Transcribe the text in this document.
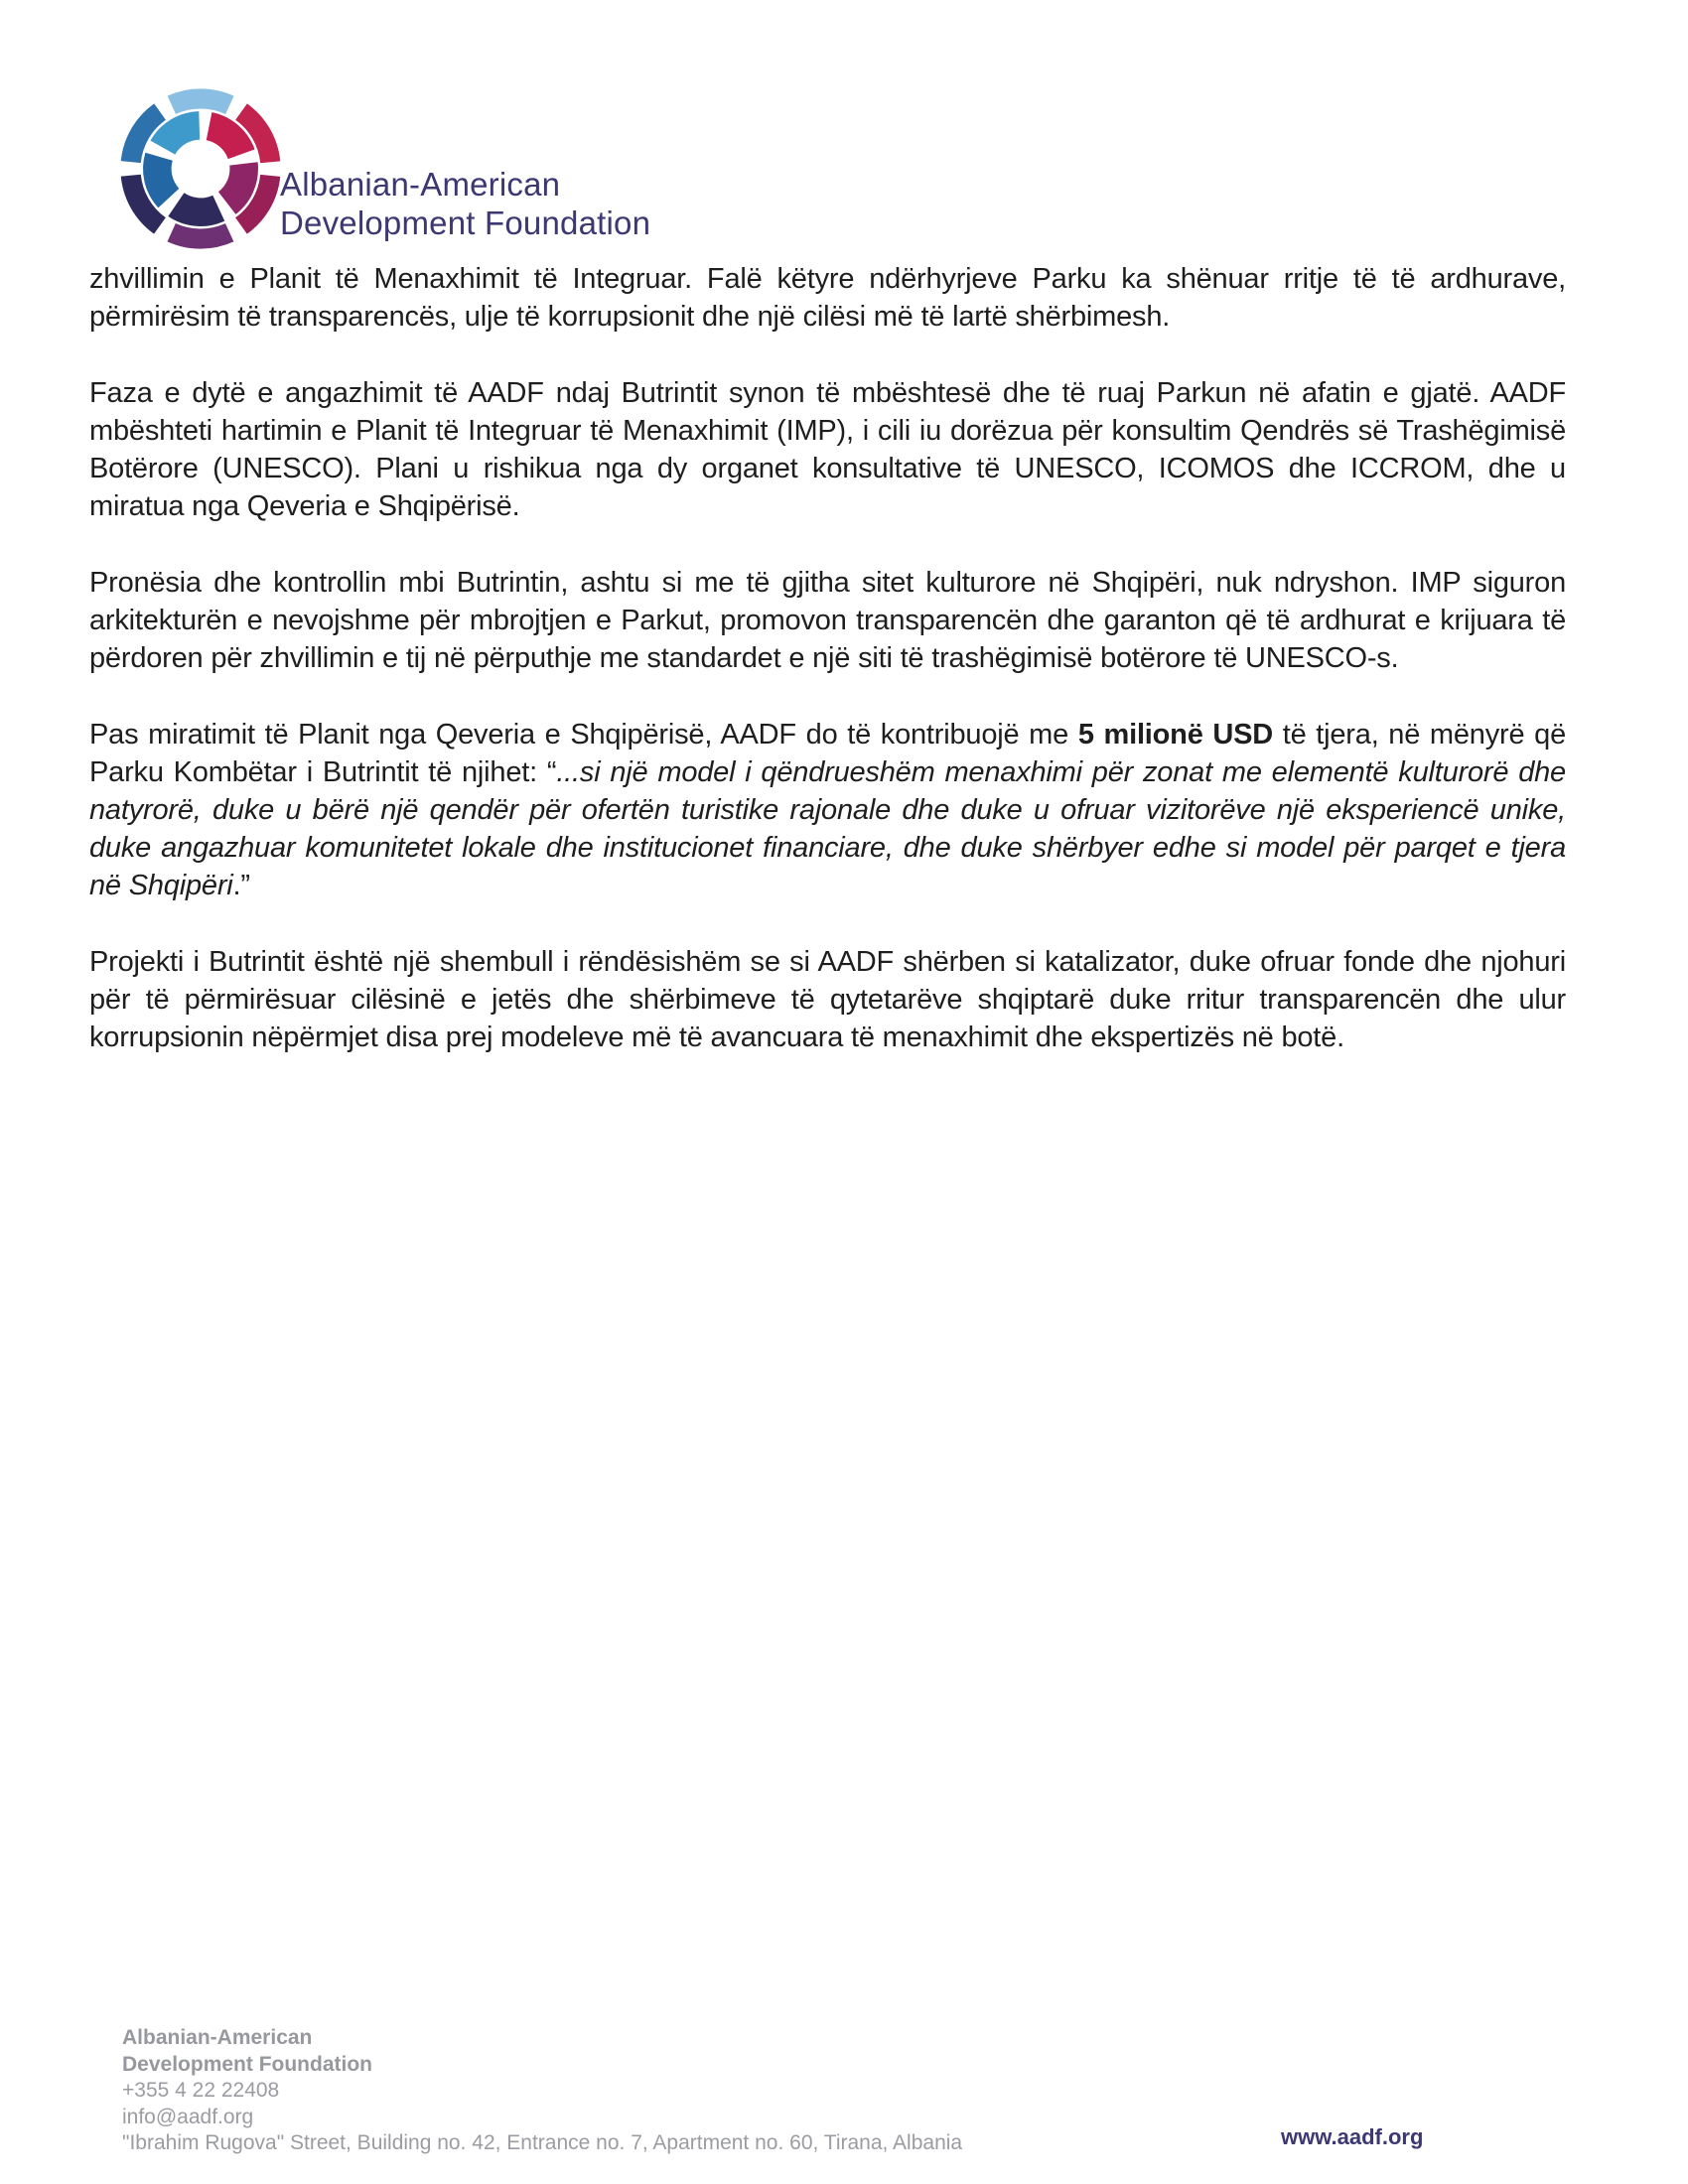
Albanian-American
Development Foundation

zhvillimin e Planit të Menaxhimit të Integruar. Falë këtyre ndërhyrjeve Parku ka shënuar rritje të të ardhurave, përmirësim të transparencës, ulje të korrupsionit dhe një cilësi më të lartë shërbimesh.

Faza e dytë e angazhimit të AADF ndaj Butrintit synon të mbështesë dhe të ruaj Parkun në afatin e gjatë. AADF mbështeti hartimin e Planit të Integruar të Menaxhimit (IMP), i cili iu dorëzua për konsultim Qendrës së Trashëgimisë Botërore (UNESCO). Plani u rishikua nga dy organet konsultative të UNESCO, ICOMOS dhe ICCROM, dhe u miratua nga Qeveria e Shqipërisë.

Pronësia dhe kontrollin mbi Butrintin, ashtu si me të gjitha sitet kulturore në Shqipëri, nuk ndryshon. IMP siguron arkitekturën e nevojshme për mbrojtjen e Parkut, promovon transparencën dhe garanton që të ardhurat e krijuara të përdoren për zhvillimin e tij në përputhje me standardet e një siti të trashëgimisë botërore të UNESCO-s.

Pas miratimit të Planit nga Qeveria e Shqipërisë, AADF do të kontribuojë me 5 milionë USD të tjera, në mënyrë që Parku Kombëtar i Butrintit të njihet: “...si një model i qëndrueshëm menaxhimi për zonat me elementë kulturorë dhe natyrorë, duke u bërë një qendër për ofertën turistike rajonale dhe duke u ofruar vizitorëve një eksperiencë unike, duke angazhuar komunitetet lokale dhe institucionet financiare, dhe duke shërbyer edhe si model për parqet e tjera në Shqipëri.”

Projekti i Butrintit është një shembull i rëndësishëm se si AADF shërben si katalizator, duke ofruar fonde dhe njohuri për të përmirësuar cilësinë e jetës dhe shërbimeve të qytetarëve shqiptarë duke rritur transparencën dhe ulur korrupsionin nëpërmjet disa prej modeleve më të avancuara të menaxhimit dhe ekspertizës në botë.

Albanian-American
Development Foundation
+355 4 22 22408
info@aadf.org
"Ibrahim Rugova" Street, Building no. 42, Entrance no. 7, Apartment no. 60, Tirana, Albania	www.aadf.org
